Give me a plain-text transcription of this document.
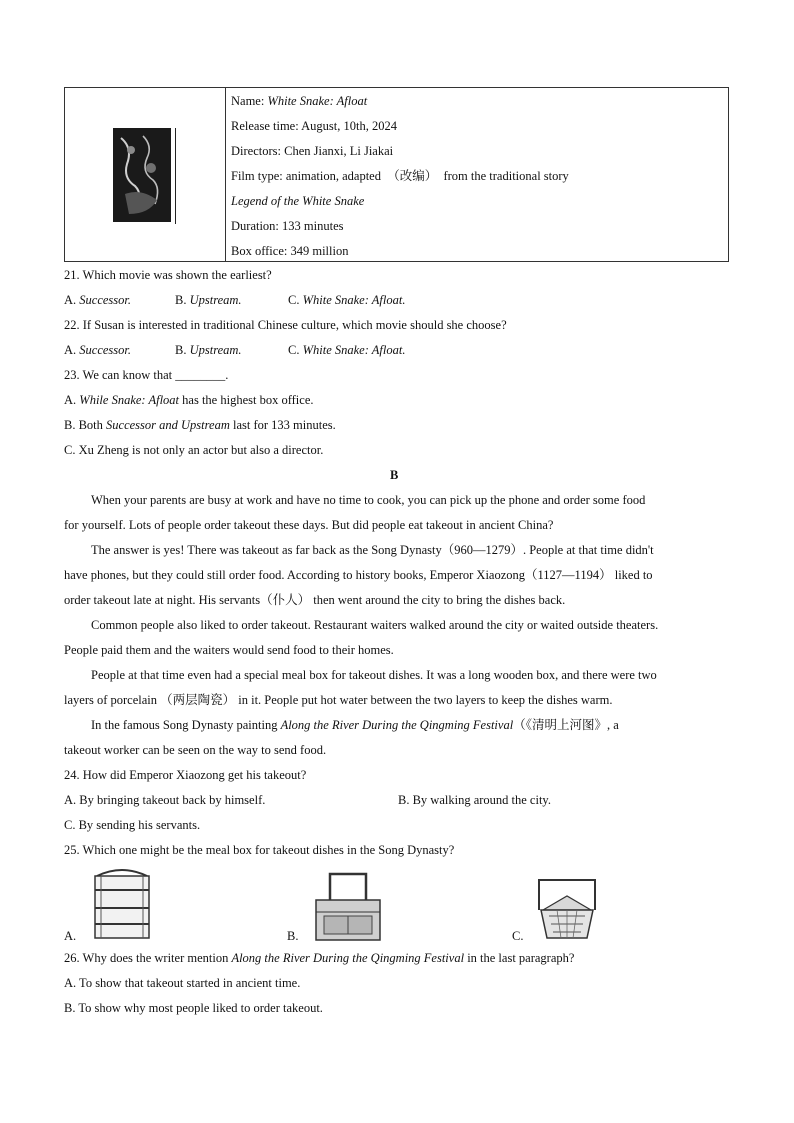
Name: White Snake: Afloat
Release time: August, 10th, 2024
Directors: Chen Jianxi, Li Jiakai
Film type: animation, adapted  （改编）  from the traditional story
Legend of the White Snake
Duration: 133 minutes
Box office: 349 million
21. Which movie was shown the earliest?
A. Successor.	B. Upstream.	C. White Snake: Afloat.
22. If Susan is interested in traditional Chinese culture, which movie should she choose?
A. Successor.	B. Upstream.	C. White Snake: Afloat.
23. We can know that ________.
A. While Snake: Afloat has the highest box office.
B. Both Successor and Upstream last for 133 minutes.
C. Xu Zheng is not only an actor but also a director.
B
When your parents are busy at work and have no time to cook, you can pick up the phone and order some food
for yourself. Lots of people order takeout these days. But did people eat takeout in ancient China?
The answer is yes! There was takeout as far back as the Song Dynasty（960—1279）. People at that time didn't
have phones, but they could still order food. According to history books, Emperor Xiaozong（1127—1194） liked to
order takeout late at night. His servants（仆人） then went around the city to bring the dishes back.
Common people also liked to order takeout. Restaurant waiters walked around the city or waited outside theaters.
People paid them and the waiters would send food to their homes.
People at that time even had a special meal box for takeout dishes. It was a long wooden box, and there were two
layers of porcelain （两层陶瓷） in it. People put hot water between the two layers to keep the dishes warm.
In the famous Song Dynasty painting Along the River During the Qingming Festival（《清明上河图》, a
takeout worker can be seen on the way to send food.
24. How did Emperor Xiaozong get his takeout?
A. By bringing takeout back by himself.	B. By walking around the city.
C. By sending his servants.
25. Which one might be the meal box for takeout dishes in the Song Dynasty?
A.	B.	C.
26. Why does the writer mention Along the River During the Qingming Festival in the last paragraph?
A. To show that takeout started in ancient time.
B. To show why most people liked to order takeout.
